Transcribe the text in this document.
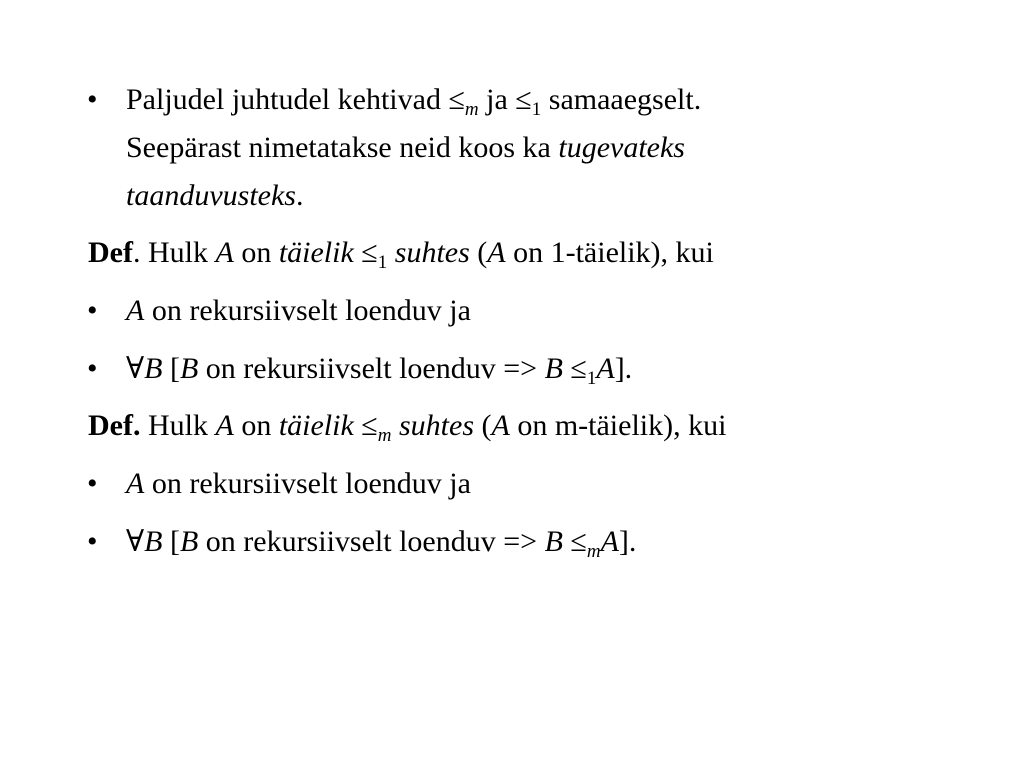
• Paljudel juhtudel kehtivad $\le_m$ ja $\le_1$ samaaegselt.
Seepärast nimetatakse neid koos ka tugevateks
taanduvusteks.
Def. Hulk A on täielik $\le_1$ suhtes (A on 1-täielik), kui
• A on rekursiivselt loenduv ja
• ∀B [B on rekursiivselt loenduv => $B \le_1A$].
Def. Hulk A on täielik $\le_m$ suhtes (A on m-täielik), kui
• A on rekursiivselt loenduv ja
• ∀B [B on rekursiivselt loenduv => $B \le_mA$].
